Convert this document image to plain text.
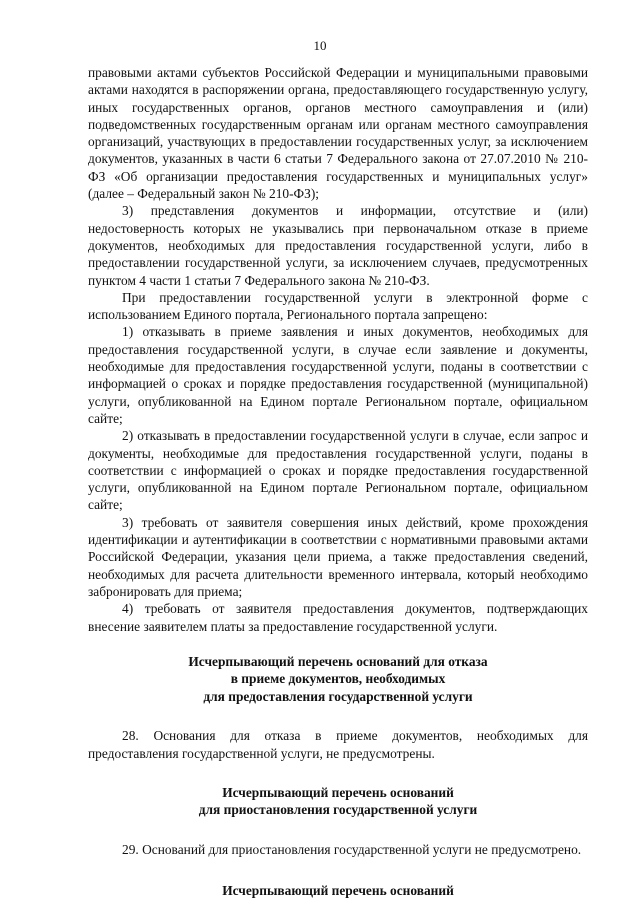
10

правовыми актами субъектов Российской Федерации и муниципальными правовыми актами находятся в распоряжении органа, предоставляющего государственную услугу, иных государственных органов, органов местного самоуправления и (или) подведомственных государственным органам или органам местного самоуправления организаций, участвующих в предоставлении государственных услуг, за исключением документов, указанных в части 6 статьи 7 Федерального закона от 27.07.2010 № 210-ФЗ «Об организации предоставления государственных и муниципальных услуг» (далее – Федеральный закон № 210-ФЗ);

3) представления документов и информации, отсутствие и (или) недостоверность которых не указывались при первоначальном отказе в приеме документов, необходимых для предоставления государственной услуги, либо в предоставлении государственной услуги, за исключением случаев, предусмотренных пунктом 4 части 1 статьи 7 Федерального закона № 210-ФЗ.

При предоставлении государственной услуги в электронной форме с использованием Единого портала, Регионального портала запрещено:

1) отказывать в приеме заявления и иных документов, необходимых для предоставления государственной услуги, в случае если заявление и документы, необходимые для предоставления государственной услуги, поданы в соответствии с информацией о сроках и порядке предоставления государственной (муниципальной) услуги, опубликованной на Едином портале Региональном портале, официальном сайте;

2) отказывать в предоставлении государственной услуги в случае, если запрос и документы, необходимые для предоставления государственной услуги, поданы в соответствии с информацией о сроках и порядке предоставления государственной услуги, опубликованной на Едином портале Региональном портале, официальном сайте;

3) требовать от заявителя совершения иных действий, кроме прохождения идентификации и аутентификации в соответствии с нормативными правовыми актами Российской Федерации, указания цели приема, а также предоставления сведений, необходимых для расчета длительности временного интервала, который необходимо забронировать для приема;

4) требовать от заявителя предоставления документов, подтверждающих внесение заявителем платы за предоставление государственной услуги.

Исчерпывающий перечень оснований для отказа

в приеме документов, необходимых

для предоставления государственной услуги

28. Основания для отказа в приеме документов, необходимых для предоставления государственной услуги, не предусмотрены.

Исчерпывающий перечень оснований

для приостановления государственной услуги

29. Оснований для приостановления государственной услуги не предусмотрено.

Исчерпывающий перечень оснований
